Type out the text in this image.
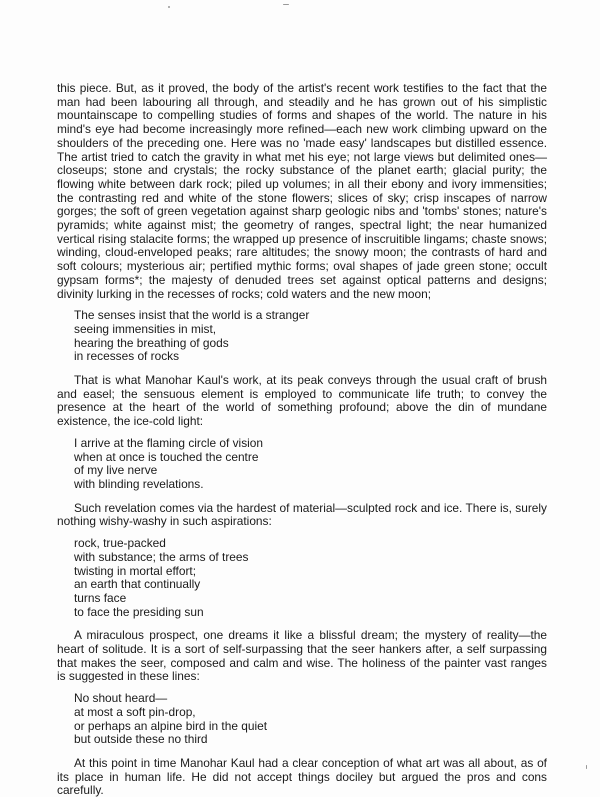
this piece. But, as it proved, the body of the artist's recent work testifies to the fact that the man had been labouring all through, and steadily and he has grown out of his simplistic mountainscape to compelling studies of forms and shapes of the world. The nature in his mind's eye had become increasingly more refined—each new work climbing upward on the shoulders of the preceding one. Here was no 'made easy' landscapes but distilled essence. The artist tried to catch the gravity in what met his eye; not large views but delimited ones—closeups; stone and crystals; the rocky substance of the planet earth; glacial purity; the flowing white between dark rock; piled up volumes; in all their ebony and ivory immensities; the contrasting red and white of the stone flowers; slices of sky; crisp inscapes of narrow gorges; the soft of green vegetation against sharp geologic nibs and 'tombs' stones; nature's pyramids; white against mist; the geometry of ranges, spectral light; the near humanized vertical rising stalacite forms; the wrapped up presence of inscruitible lingams; chaste snows; winding, cloud-enveloped peaks; rare altitudes; the snowy moon; the contrasts of hard and soft colours; mysterious air; pertified mythic forms; oval shapes of jade green stone; occult gypsam forms*; the majesty of denuded trees set against optical patterns and designs; divinity lurking in the recesses of rocks; cold waters and the new moon;

The senses insist that the world is a stranger
seeing immensities in mist,
hearing the breathing of gods
in recesses of rocks

That is what Manohar Kaul's work, at its peak conveys through the usual craft of brush and easel; the sensuous element is employed to communicate life truth; to convey the presence at the heart of the world of something profound; above the din of mundane existence, the ice-cold light:

I arrive at the flaming circle of vision
when at once is touched the centre
of my live nerve
with blinding revelations.

Such revelation comes via the hardest of material—sculpted rock and ice. There is, surely nothing wishy-washy in such aspirations:

rock, true-packed
with substance; the arms of trees
twisting in mortal effort;
an earth that continually
turns face
to face the presiding sun

A miraculous prospect, one dreams it like a blissful dream; the mystery of reality—the heart of solitude. It is a sort of self-surpassing that the seer hankers after, a self surpassing that makes the seer, composed and calm and wise. The holiness of the painter vast ranges is suggested in these lines:

No shout heard—
at most a soft pin-drop,
or perhaps an alpine bird in the quiet
but outside these no third

At this point in time Manohar Kaul had a clear conception of what art was all about, as of its place in human life. He did not accept things dociley but argued the pros and cons carefully.
